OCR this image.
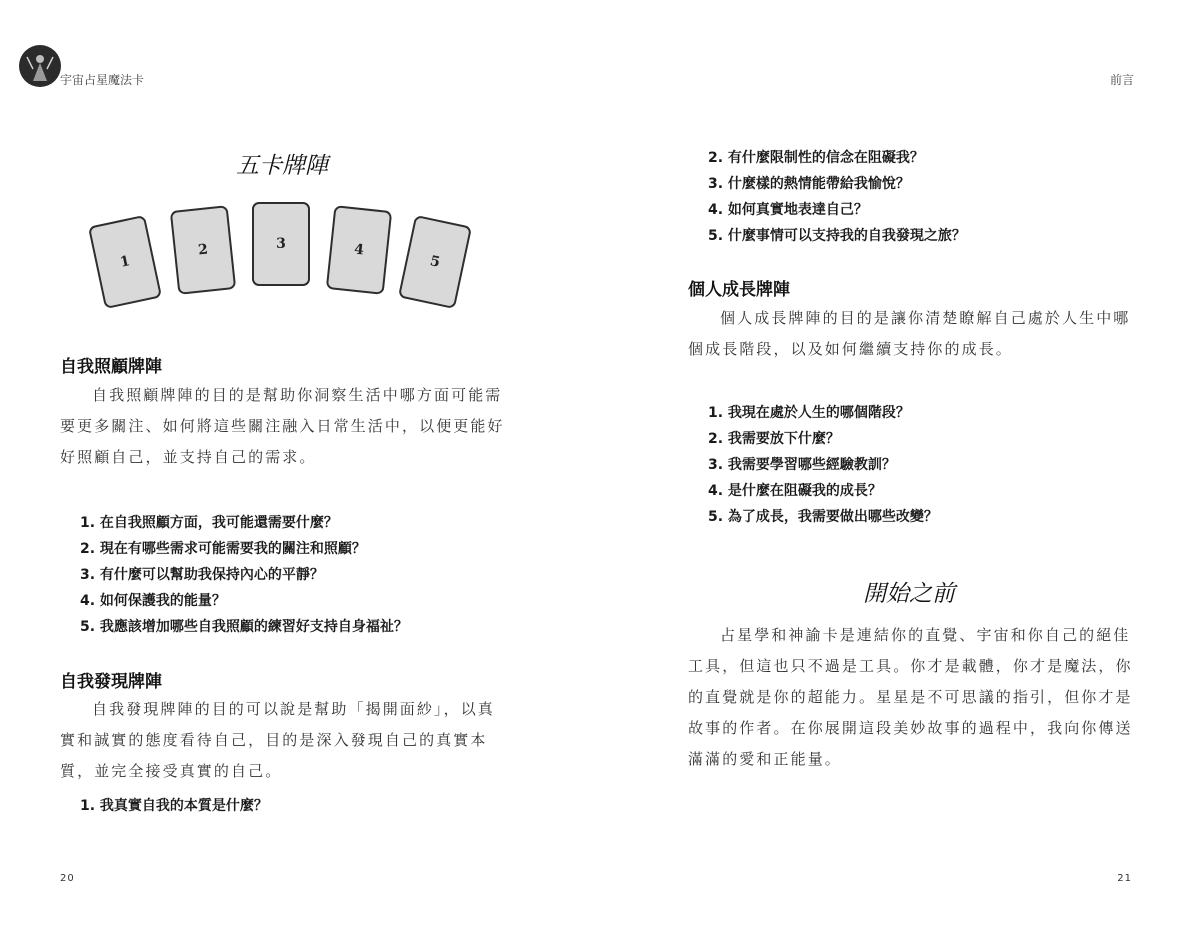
宇宙占星魔法卡
五卡牌陣
1
2	3	4
5
自我照顧牌陣
自我照顧牌陣的目的是幫助你洞察生活中哪方面可能需要更多關注、如何將這些關注融入日常生活中，以便更能好好照顧自己，並支持自己的需求。
1. 在自我照顧方面，我可能還需要什麼？
2. 現在有哪些需求可能需要我的關注和照顧？
3. 有什麼可以幫助我保持內心的平靜？
4. 如何保護我的能量？
5. 我應該增加哪些自我照顧的練習好支持自身福祉？
自我發現牌陣
自我發現牌陣的目的可以說是幫助「揭開面紗」，以真實和誠實的態度看待自己，目的是深入發現自己的真實本質，並完全接受真實的自己。
1. 我真實自我的本質是什麼？
20
前言
2. 有什麼限制性的信念在阻礙我？
3. 什麼樣的熱情能帶給我愉悅？
4. 如何真實地表達自己？
5. 什麼事情可以支持我的自我發現之旅？
個人成長牌陣
個人成長牌陣的目的是讓你清楚瞭解自己處於人生中哪個成長階段，以及如何繼續支持你的成長。
1. 我現在處於人生的哪個階段？
2. 我需要放下什麼？
3. 我需要學習哪些經驗教訓？
4. 是什麼在阻礙我的成長？
5. 為了成長，我需要做出哪些改變？
開始之前
占星學和神諭卡是連結你的直覺、宇宙和你自己的絕佳工具，但這也只不過是工具。你才是載體，你才是魔法，你的直覺就是你的超能力。星星是不可思議的指引，但你才是故事的作者。在你展開這段美妙故事的過程中，我向你傳送滿滿的愛和正能量。
21
